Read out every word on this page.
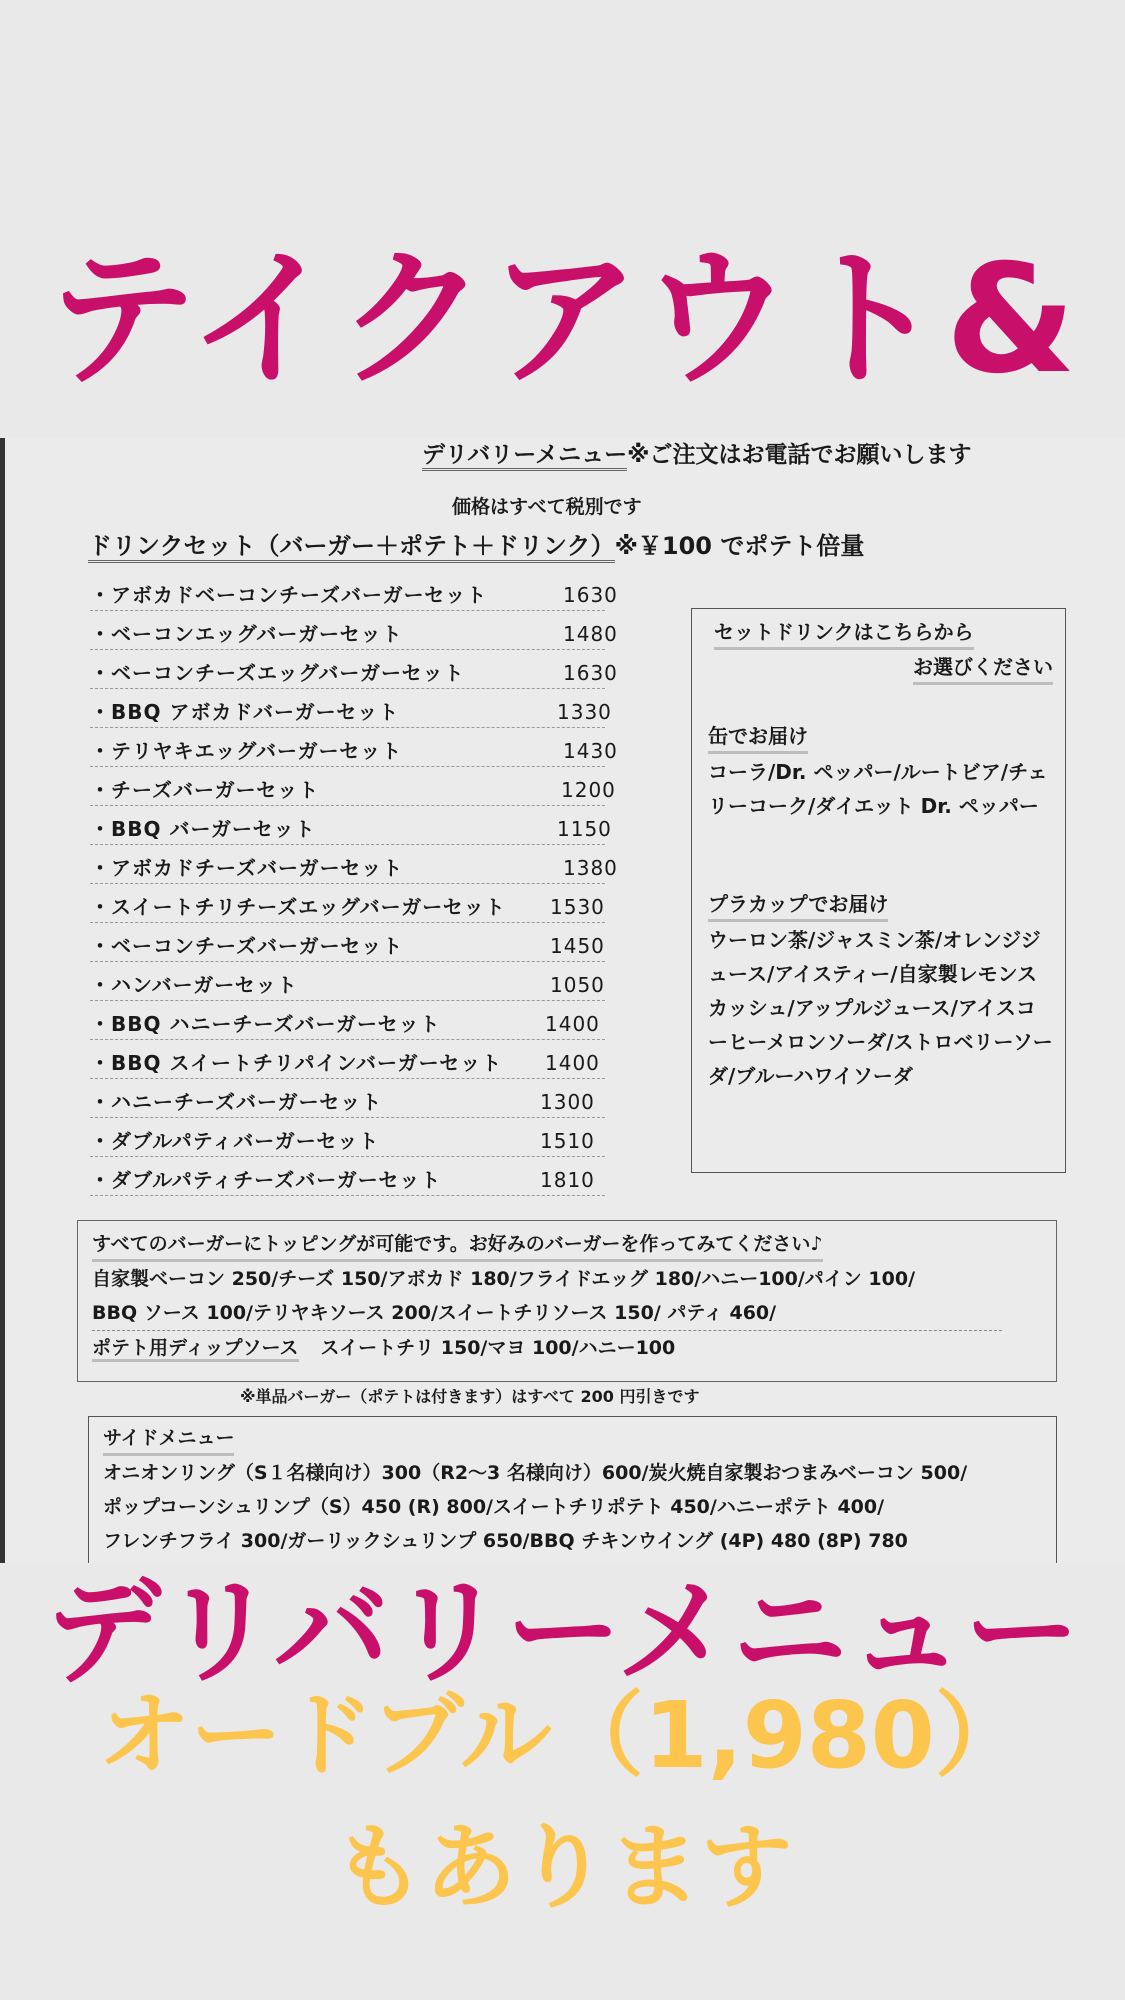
テイクアウト&
デリバリーメニュー※ご注文はお電話でお願いします
価格はすべて税別です
ドリンクセット（バーガー＋ポテト＋ドリンク）※￥100 でポテト倍量
・アボカドベーコンチーズバーガーセット	1630
・ベーコンエッグバーガーセット	1480
・ベーコンチーズエッグバーガーセット	1630
・BBQ アボカドバーガーセット	1330
・テリヤキエッグバーガーセット	1430
・チーズバーガーセット	1200
・BBQ バーガーセット	1150
・アボカドチーズバーガーセット	1380
・スイートチリチーズエッグバーガーセット 1530
・ベーコンチーズバーガーセット	1450
・ハンバーガーセット	1050
・BBQ ハニーチーズバーガーセット	1400
・BBQ スイートチリパインバーガーセット 1400
・ハニーチーズバーガーセット	1300
・ダブルパティバーガーセット	1510
・ダブルパティチーズバーガーセット	1810
セットドリンクはこちらから
お選びください
缶でお届け
コーラ/Dr. ペッパー/ルートビア/チェリーコーク/ダイエット Dr. ペッパー
プラカップでお届け
ウーロン茶/ジャスミン茶/オレンジジュース/アイスティー/自家製レモンスカッシュ/アップルジュース/アイスコーヒーメロンソーダ/ストロベリーソーダ/ブルーハワイソーダ
すべてのバーガーにトッピングが可能です。お好みのバーガーを作ってみてください♪
自家製ベーコン 250/チーズ 150/アボカド 180/フライドエッグ 180/ハニー100/パイン 100/
BBQ ソース 100/テリヤキソース 200/スイートチリソース 150/ パティ 460/
ポテト用ディップソース スイートチリ 150/マヨ 100/ハニー100
※単品バーガー（ポテトは付きます）はすべて 200 円引きです
サイドメニュー
オニオンリング（S１名様向け）300（R2～3 名様向け）600/炭火焼自家製おつまみベーコン 500/
ポップコーンシュリンプ（S）450 (R) 800/スイートチリポテト 450/ハニーポテト 400/
フレンチフライ 300/ガーリックシュリンプ 650/BBQ チキンウイング (4P) 480 (8P) 780
デリバリーメニュー
オードブル（1,980）
もあります
